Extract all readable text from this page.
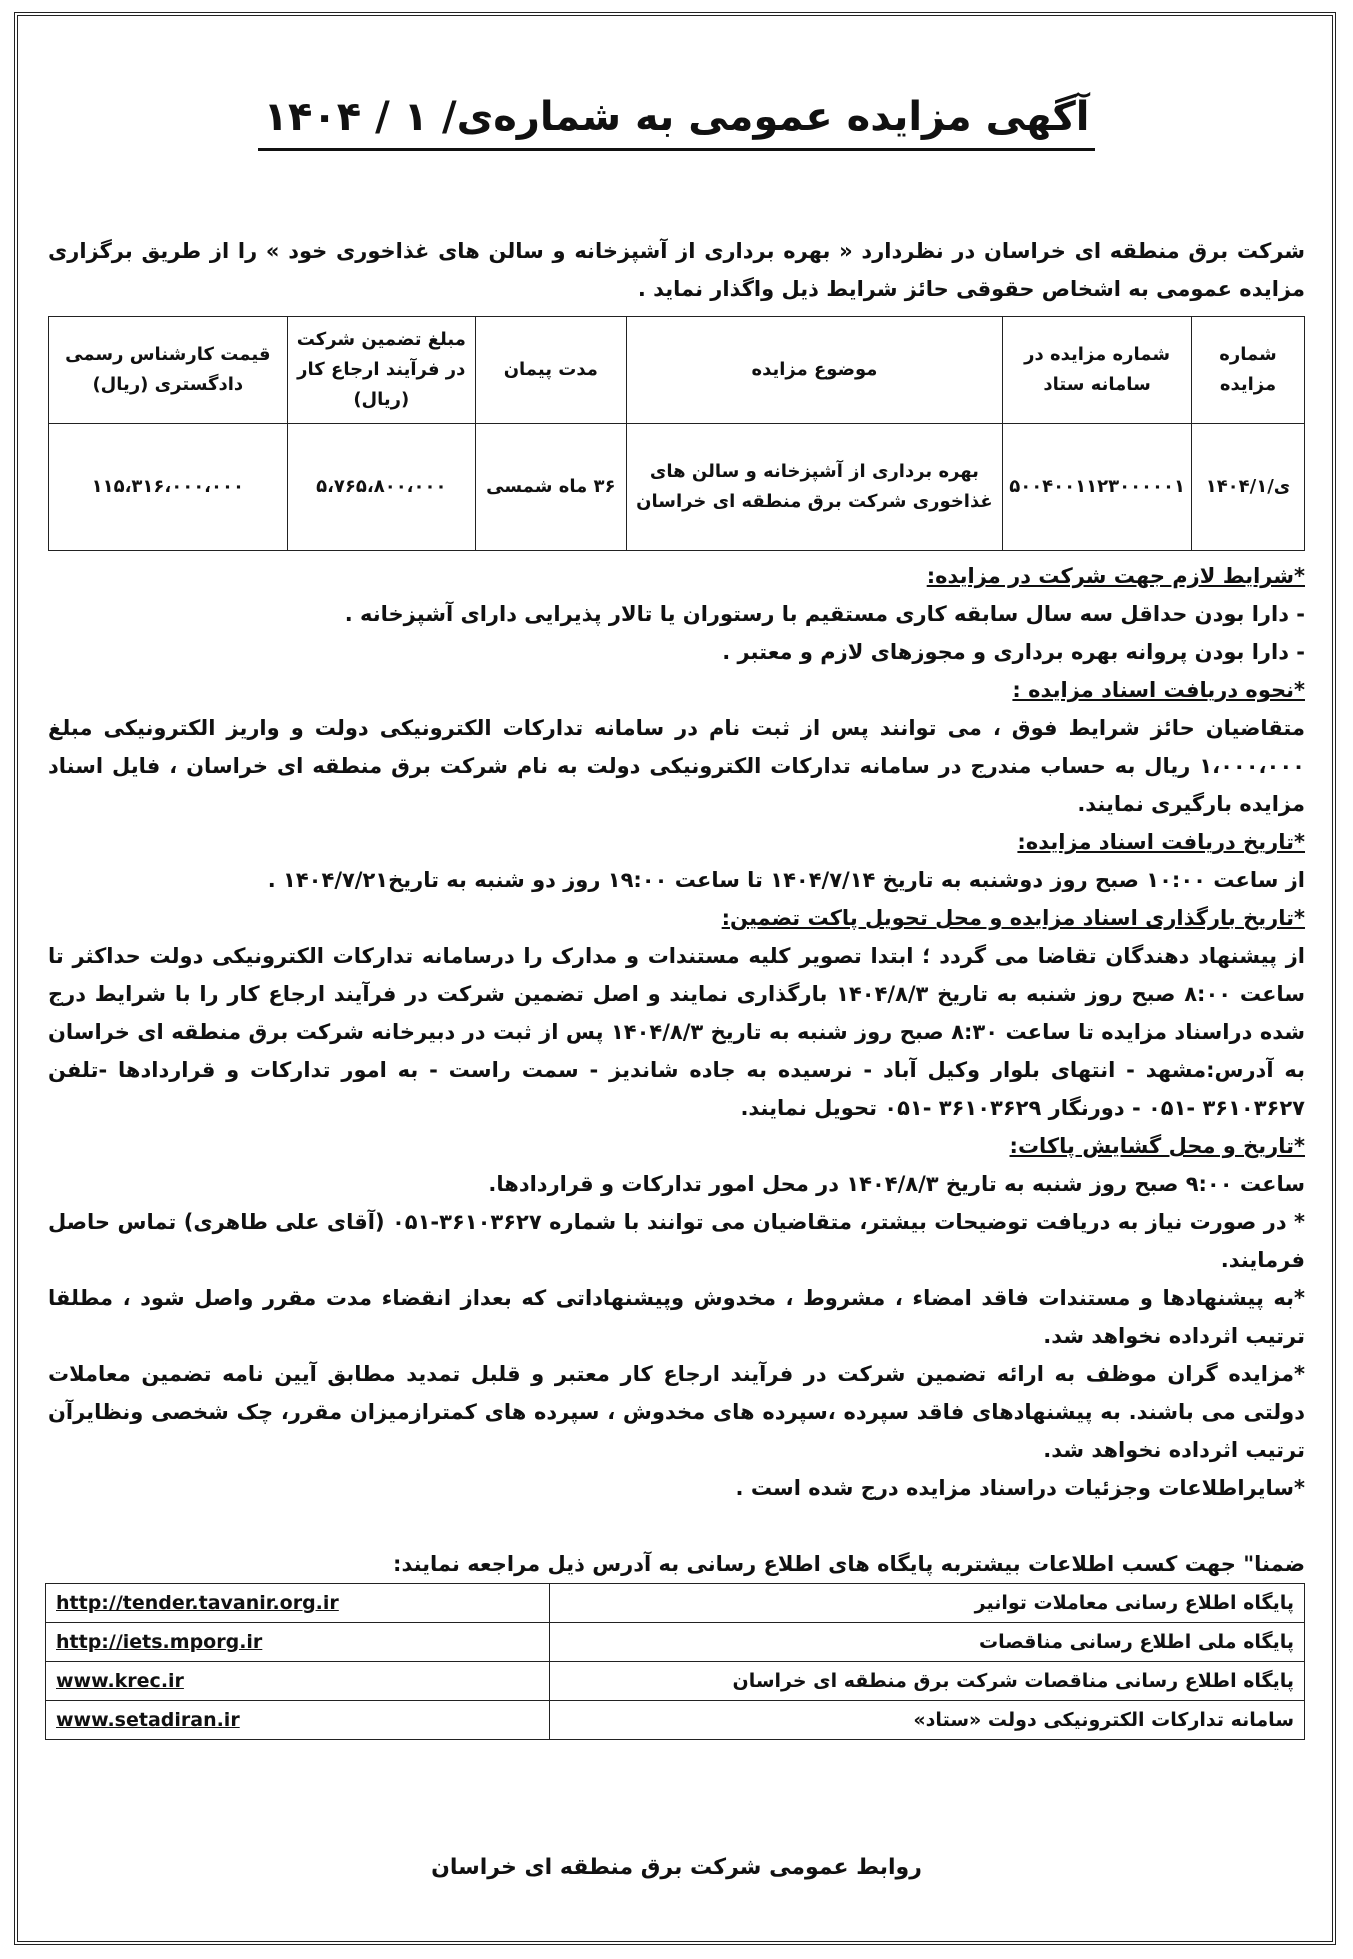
آگهی مزایده عمومی به شماره‌ی/ ۱ / ۱۴۰۴

شرکت برق منطقه ای خراسان در نظردارد « بهره برداری از آشپزخانه و سالن های غذاخوری خود » را از طریق برگزاری مزایده عمومی به اشخاص حقوقی حائز شرایط ذیل واگذار نماید .

شماره مزایده	شماره مزایده در سامانه ستاد	موضوع مزایده	مدت پیمان	مبلغ تضمین شرکت در فرآیند ارجاع کار (ریال)	قیمت کارشناس رسمی دادگستری (ریال)
ی/۱۴۰۴/۱	۵۰۰۴۰۰۱۱۲۳۰۰۰۰۰۱	بهره برداری از آشپزخانه و سالن های غذاخوری شرکت برق منطقه ای خراسان	۳۶ ماه شمسی	۵،۷۶۵،۸۰۰،۰۰۰	۱۱۵،۳۱۶،۰۰۰،۰۰۰

*شرایط لازم جهت شرکت در مزایده:

- دارا بودن حداقل سه سال سابقه کاری مستقیم با رستوران یا تالار پذیرایی دارای آشپزخانه .

- دارا بودن پروانه بهره برداری و مجوزهای لازم و معتبر .

*نحوه دریافت اسناد مزایده :

متقاضیان حائز شرایط فوق ، می توانند پس از ثبت نام در سامانه تدارکات الکترونیکی دولت و واریز الکترونیکی مبلغ ۱،۰۰۰،۰۰۰ ریال به حساب مندرج در سامانه تدارکات الکترونیکی دولت به نام شرکت برق منطقه ای خراسان ، فایل اسناد مزایده بارگیری نمایند.

*تاریخ دریافت اسناد مزایده:

از ساعت ۱۰:۰۰ صبح روز دوشنبه به تاریخ ۱۴۰۴/۷/۱۴ تا ساعت ۱۹:۰۰ روز دو شنبه به تاریخ۱۴۰۴/۷/۲۱ .

*تاریخ بارگذاری اسناد مزایده و محل تحویل پاکت تضمین:

از پیشنهاد دهندگان تقاضا می گردد ؛ ابتدا تصویر کلیه مستندات و مدارک را درسامانه تدارکات الکترونیکی دولت حداکثر تا ساعت ۸:۰۰ صبح روز شنبه به تاریخ ۱۴۰۴/۸/۳ بارگذاری نمایند و اصل تضمین شرکت در فرآیند ارجاع کار را با شرایط درج شده دراسناد مزایده تا ساعت ۸:۳۰ صبح روز شنبه به تاریخ ۱۴۰۴/۸/۳ پس از ثبت در دبیرخانه شرکت برق منطقه ای خراسان به آدرس:مشهد - انتهای بلوار وکیل آباد - نرسیده به جاده شاندیز - سمت راست - به امور تدارکات و قراردادها -تلفن ۳۶۱۰۳۶۲۷ -۰۵۱ - دورنگار ۳۶۱۰۳۶۲۹ -۰۵۱ تحویل نمایند.

*تاریخ و محل گشایش پاکات:

ساعت ۹:۰۰ صبح روز شنبه به تاریخ ۱۴۰۴/۸/۳ در محل امور تدارکات و قراردادها.

* در صورت نیاز به دریافت توضیحات بیشتر، متقاضیان می توانند با شماره ۳۶۱۰۳۶۲۷-۰۵۱ (آقای علی طاهری) تماس حاصل فرمایند.

*به پیشنهادها و مستندات فاقد امضاء ، مشروط ، مخدوش وپیشنهاداتی که بعداز انقضاء مدت مقرر واصل شود ، مطلقا ترتیب اثرداده نخواهد شد.

*مزایده گران موظف به ارائه تضمین شرکت در فرآیند ارجاع کار معتبر و قلبل تمدید مطابق آیین نامه تضمین معاملات دولتی می باشند. به پیشنهادهای فاقد سپرده ،سپرده های مخدوش ، سپرده های کمترازمیزان مقرر، چک شخصی ونظایرآن ترتیب اثرداده نخواهد شد.

*سایراطلاعات وجزئیات دراسناد مزایده درج شده است .

ضمنا" جهت کسب اطلاعات بیشتربه پایگاه های اطلاع رسانی به آدرس ذیل مراجعه نمایند:

پایگاه اطلاع رسانی معاملات توانیر	http://tender.tavanir.org.ir
پایگاه ملی اطلاع رسانی مناقصات	http://iets.mporg.ir
پایگاه اطلاع رسانی مناقصات شرکت برق منطقه ای خراسان	www.krec.ir
سامانه تدارکات الکترونیکی دولت «ستاد»	www.setadiran.ir
روابط عمومی شرکت برق منطقه ای خراسان
